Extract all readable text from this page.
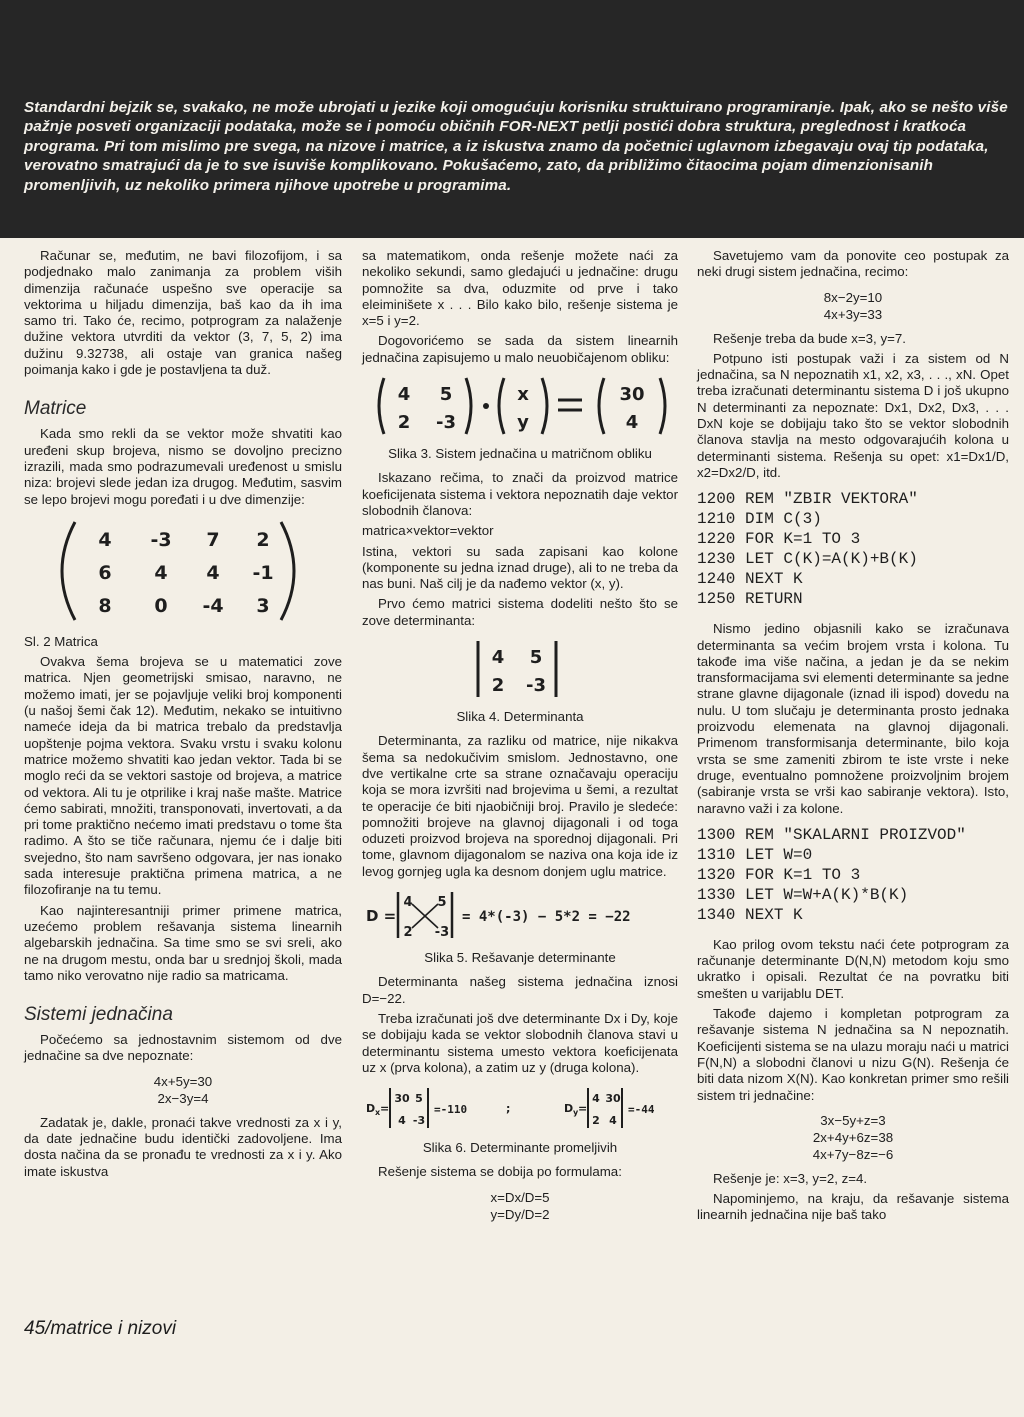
Standardni bejzik se, svakako, ne može ubrojati u jezike koji omogućuju korisniku struktuirano programiranje. Ipak, ako se nešto više pažnje posveti organizaciji podataka, može se i pomoću običnih FOR-NEXT petlji postići dobra struktura, preglednost i kratkoća programa. Pri tom mislimo pre svega, na nizove i matrice, a iz iskustva znamo da početnici uglavnom izbegavaju ovaj tip podataka, verovatno smatrajući da je to sve isuviše komplikovano. Pokušaćemo, zato, da približimo čitaocima pojam dimenzionisanih promenljivih, uz nekoliko primera njihove upotrebe u programima.

Računar se, međutim, ne bavi filozofijom, i sa podjednako malo zanimanja za problem viših dimenzija računaće uspešno sve operacije sa vektorima u hiljadu dimenzija, baš kao da ih ima samo tri. Tako će, recimo, potprogram za nalaženje dužine vektora utvrditi da vektor (3, 7, 5, 2) ima dužinu 9.32738, ali ostaje van granica našeg poimanja kako i gde je postavljena ta duž.

Matrice

Kada smo rekli da se vektor može shvatiti kao uređeni skup brojeva, nismo se dovoljno precizno izrazili, mada smo podrazumevali uređenost u smislu niza: brojevi slede jedan iza drugog. Međutim, sasvim se lepo brojevi mogu poređati i u dve dimenzije:

4 -3 7 2
6 4 4 -1
8 0 -4 3

Sl. 2 Matrica

Ovakva šema brojeva se u matematici zove matrica. Njen geometrijski smisao, naravno, ne možemo imati, jer se pojavljuje veliki broj komponenti (u našoj šemi čak 12). Međutim, nekako se intuitivno nameće ideja da bi matrica trebalo da predstavlja uopštenje pojma vektora. Svaku vrstu i svaku kolonu matrice možemo shvatiti kao jedan vektor. Tada bi se moglo reći da se vektori sastoje od brojeva, a matrice od vektora. Ali tu je otprilike i kraj naše mašte. Matrice ćemo sabirati, množiti, transponovati, invertovati, a da pri tome praktično nećemo imati predstavu o tome šta radimo. A što se tiče računara, njemu će i dalje biti svejedno, što nam savršeno odgovara, jer nas ionako sada interesuje praktična primena matrica, a ne filozofiranje na tu temu.

Kao najinteresantniji primer primene matrica, uzećemo problem rešavanja sistema linearnih algebarskih jednačina. Sa time smo se svi sreli, ako ne na drugom mestu, onda bar u srednjoj školi, mada tamo niko verovatno nije radio sa matricama.

Sistemi jednačina

Počećemo sa jednostavnim sistemom od dve jednačine sa dve nepoznate:

4x+5y=30
2x−3y=4

Zadatak je, dakle, pronaći takve vrednosti za x i y, da date jednačine budu identički zadovoljene. Ima dosta načina da se pronađu te vrednosti za x i y. Ako imate iskustva

sa matematikom, onda rešenje možete naći za nekoliko sekundi, samo gledajući u jednačine: drugu pomnožite sa dva, oduzmite od prve i tako eleiminišete x . . . Bilo kako bilo, rešenje sistema je x=5 i y=2.

Dogovorićemo se sada da sistem linearnih jednačina zapisujemo u malo neuobičajenom obliku:

4 5
2 -3
x
y
30
4
Slika 3. Sistem jednačina u matričnom obliku

Iskazano rečima, to znači da proizvod matrice koeficijenata sistema i vektora nepoznatih daje vektor slobodnih članova:

matrica×vektor=vektor

Istina, vektori su sada zapisani kao kolone (komponente su jedna iznad druge), ali to ne treba da nas buni. Naš cilj je da nađemo vektor (x, y).

Prvo ćemo matrici sistema dodeliti nešto što se zove determinanta:

4 5
2 -3
Slika 4. Determinanta

Determinanta, za razliku od matrice, nije nikakva šema sa nedokučivim smislom. Jednostavno, one dve vertikalne crte sa strane označavaju operaciju koja se mora izvršiti nad brojevima u šemi, a rezultat te operacije će biti njaobičniji broj. Pravilo je sledeće: pomnožiti brojeve na glavnoj dijagonali i od toga oduzeti proizvod brojeva na sporednoj dijagonali. Pri tome, glavnom dijagonalom se naziva ona koja ide iz levog gornjeg ugla ka desnom donjem uglu matrice.

D =
4 5
2 -3
= 4*(-3) − 5*2 = −22
Slika 5. Rešavanje determinante

Determinanta našeg sistema jednačina iznosi D=−22.

Treba izračunati još dve determinante Dx i Dy, koje se dobijaju kada se vektor slobodnih članova stavi u determinantu sistema umesto vektora koeficijenata uz x (prva kolona), a zatim uz y (druga kolona).

D x =	D y =
;
30 5
4 -3
4 30
2 4
=-110	=-44
Slika 6. Determinante promeljivih

Rešenje sistema se dobija po formulama:

x=Dx/D=5
y=Dy/D=2

Savetujemo vam da ponovite ceo postupak za neki drugi sistem jednačina, recimo:

8x−2y=10
4x+3y=33

Rešenje treba da bude x=3, y=7.

Potpuno isti postupak važi i za sistem od N jednačina, sa N nepoznatih x1, x2, x3, . . ., xN. Opet treba izračunati determinantu sistema D i još ukupno N determinanti za nepoznate: Dx1, Dx2, Dx3, . . . DxN koje se dobijaju tako što se vektor slobodnih članova stavlja na mesto odgovarajućih kolona u determinanti sistema. Rešenja su opet: x1=Dx1/D, x2=Dx2/D, itd.

1200 REM "ZBIR VEKTORA"
1210 DIM C(3)
1220 FOR K=1 TO 3
1230 LET C(K)=A(K)+B(K)
1240 NEXT K
1250 RETURN

Nismo jedino objasnili kako se izračunava determinanta sa većim brojem vrsta i kolona. Tu takođe ima više načina, a jedan je da se nekim transformacijama svi elementi determinante sa jedne strane glavne dijagonale (iznad ili ispod) dovedu na nulu. U tom slučaju je determinanta prosto jednaka proizvodu elemenata na glavnoj dijagonali. Primenom transformisanja determinante, bilo koja vrsta se sme zameniti zbirom te iste vrste i neke druge, eventualno pomnožene proizvoljnim brojem (sabiranje vrsta se vrši kao sabiranje vektora). Isto, naravno važi i za kolone.

1300 REM "SKALARNI PROIZVOD"
1310 LET W=0
1320 FOR K=1 TO 3
1330 LET W=W+A(K)*B(K)
1340 NEXT K

Kao prilog ovom tekstu naći ćete potprogram za računanje determinante D(N,N) metodom koju smo ukratko i opisali. Rezultat će na povratku biti smešten u varijablu DET.

Takođe dajemo i kompletan potprogram za rešavanje sistema N jednačina sa N nepoznatih. Koeficijenti sistema se na ulazu moraju naći u matrici F(N,N) a slobodni članovi u nizu G(N). Rešenja će biti data nizom X(N). Kao konkretan primer smo rešili sistem tri jednačine:

3x−5y+z=3
2x+4y+6z=38
4x+7y−8z=−6

Rešenje je: x=3, y=2, z=4.

Napominjemo, na kraju, da rešavanje sistema linearnih jednačina nije baš tako

45/matrice i nizovi
